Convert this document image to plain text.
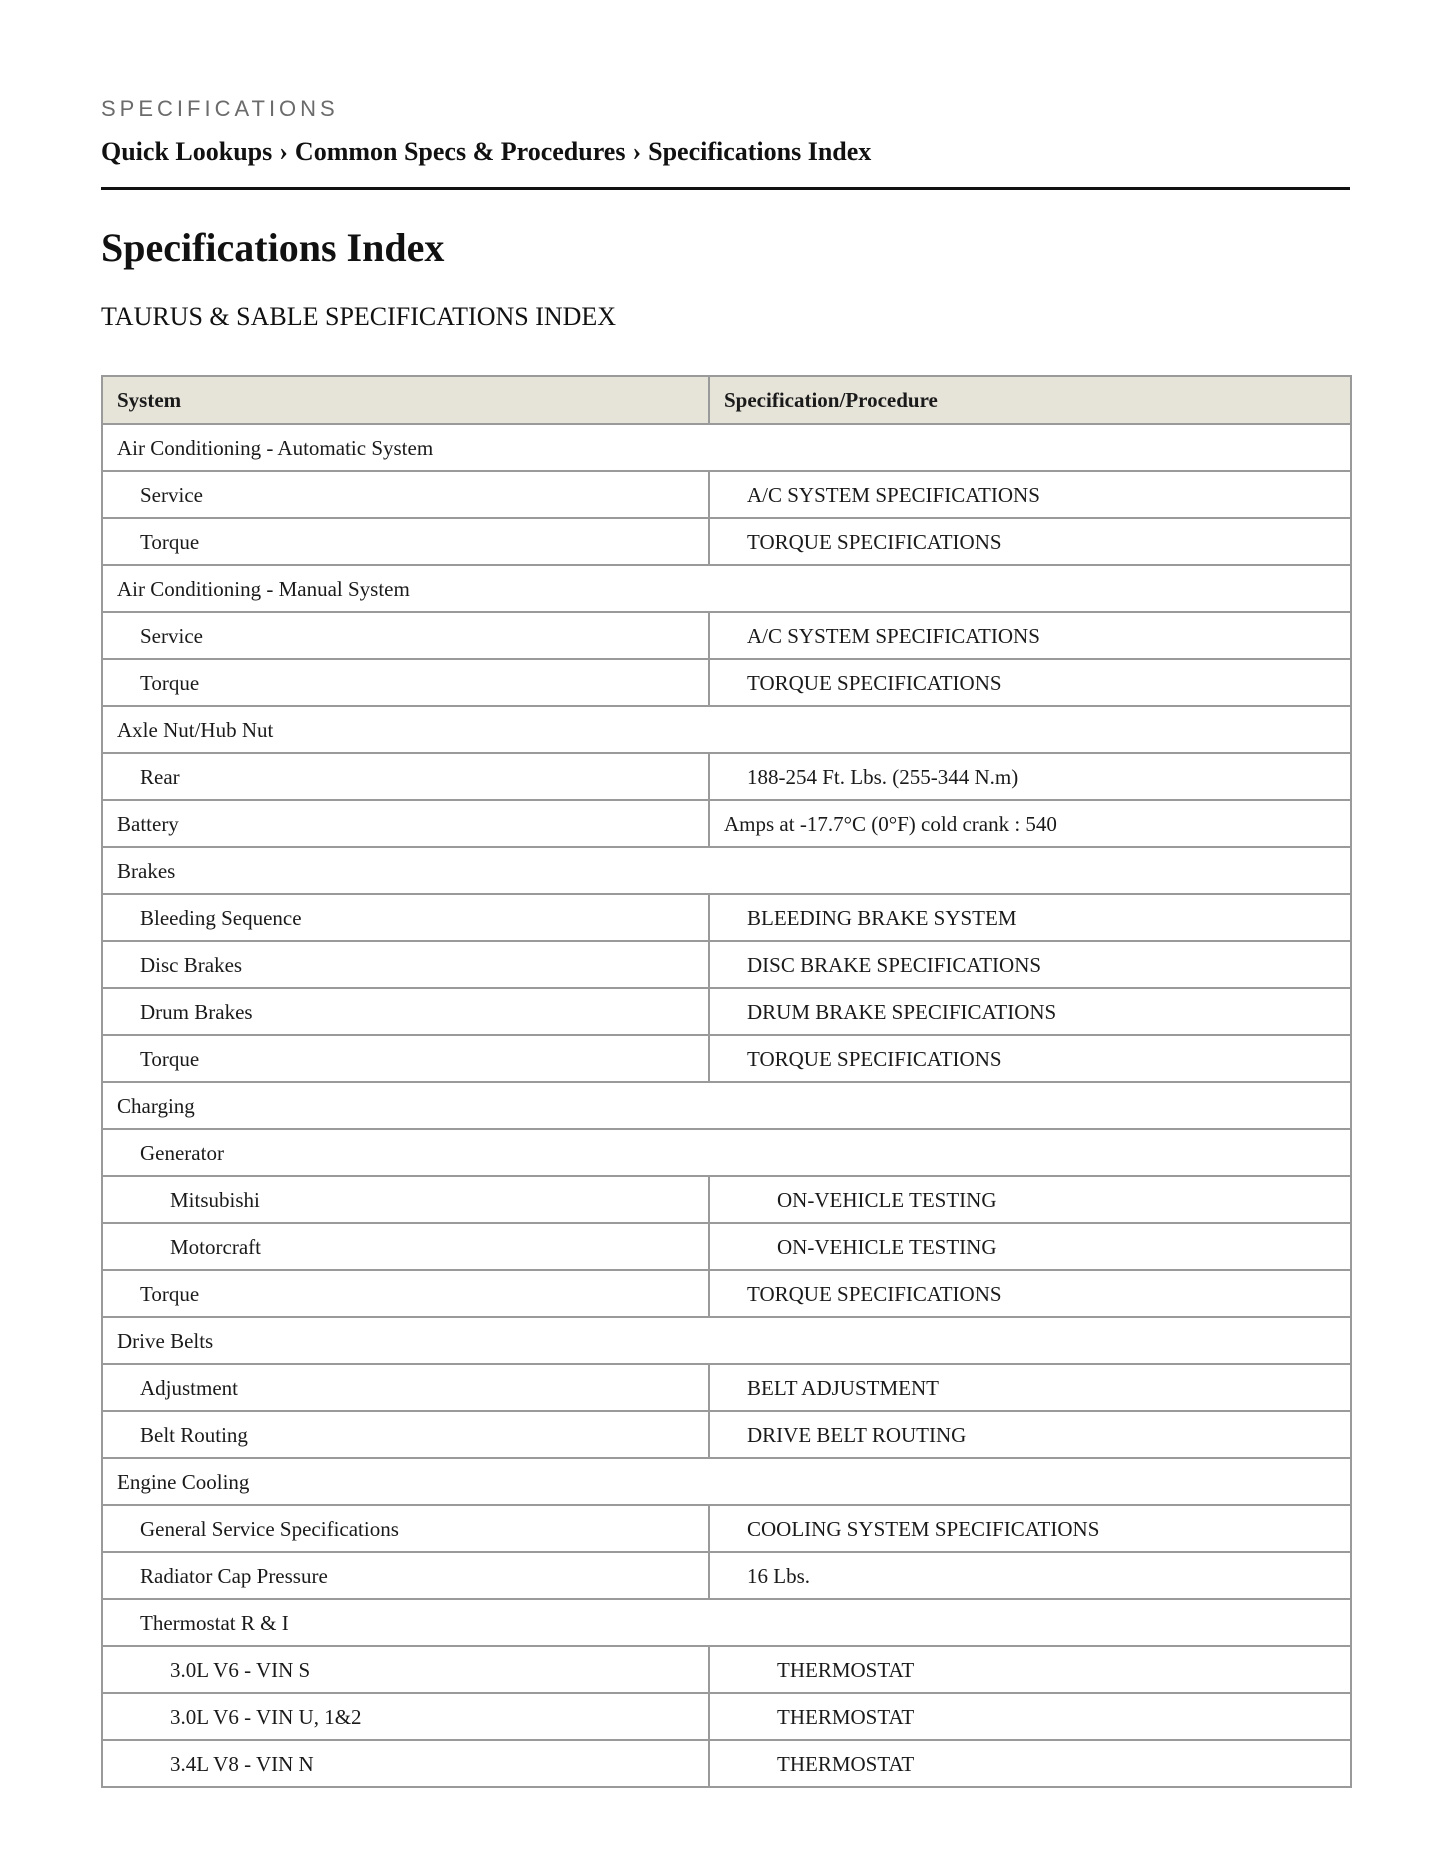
SPECIFICATIONS
Quick Lookups › Common Specs & Procedures › Specifications Index
Specifications Index
TAURUS & SABLE SPECIFICATIONS INDEX
System	Specification/Procedure
Air Conditioning - Automatic System	
Service	A/C SYSTEM SPECIFICATIONS
Torque	TORQUE SPECIFICATIONS
Air Conditioning - Manual System	
Service	A/C SYSTEM SPECIFICATIONS
Torque	TORQUE SPECIFICATIONS
Axle Nut/Hub Nut	
Rear	188-254 Ft. Lbs. (255-344 N.m)
Battery	Amps at -17.7°C (0°F) cold crank : 540
Brakes	
Bleeding Sequence	BLEEDING BRAKE SYSTEM
Disc Brakes	DISC BRAKE SPECIFICATIONS
Drum Brakes	DRUM BRAKE SPECIFICATIONS
Torque	TORQUE SPECIFICATIONS
Charging	
Generator	
Mitsubishi	ON-VEHICLE TESTING
Motorcraft	ON-VEHICLE TESTING
Torque	TORQUE SPECIFICATIONS
Drive Belts	
Adjustment	BELT ADJUSTMENT
Belt Routing	DRIVE BELT ROUTING
Engine Cooling	
General Service Specifications	COOLING SYSTEM SPECIFICATIONS
Radiator Cap Pressure	16 Lbs.
Thermostat R & I	
3.0L V6 - VIN S	THERMOSTAT
3.0L V6 - VIN U, 1&2	THERMOSTAT
3.4L V8 - VIN N	THERMOSTAT
